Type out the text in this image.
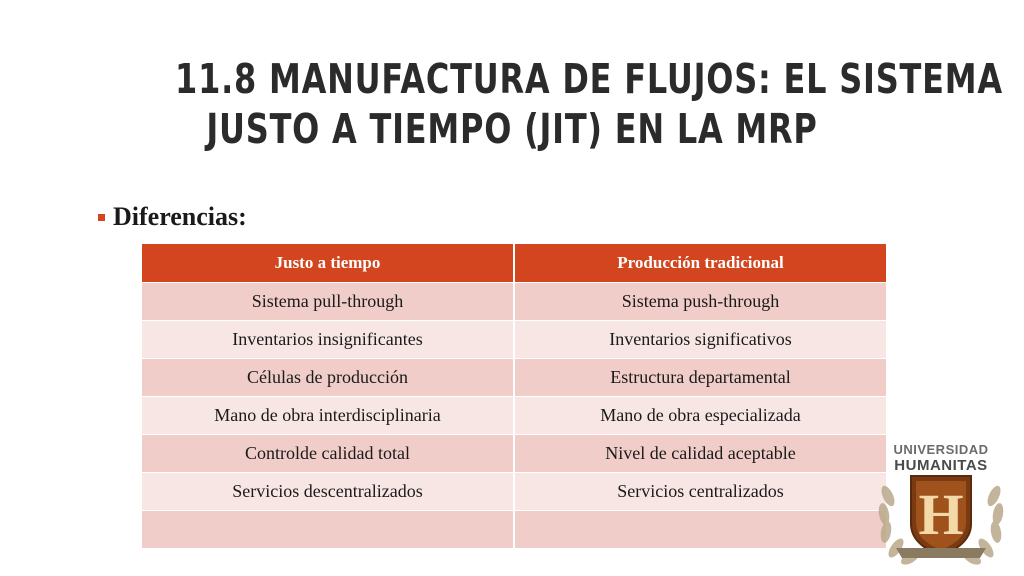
11.8 MANUFACTURA DE FLUJOS: EL SISTEMA
JUSTO A TIEMPO (JIT) EN LA MRP
Diferencias:
Justo a tiempo	Producción tradicional
Sistema pull-through	Sistema push-through
Inventarios insignificantes	Inventarios significativos
Células de producción	Estructura departamental
Mano de obra interdisciplinaria	Mano de obra especializada
Controlde calidad total	Nivel de calidad aceptable
Servicios descentralizados	Servicios centralizados

UNIVERSIDAD
HUMANITAS
H
